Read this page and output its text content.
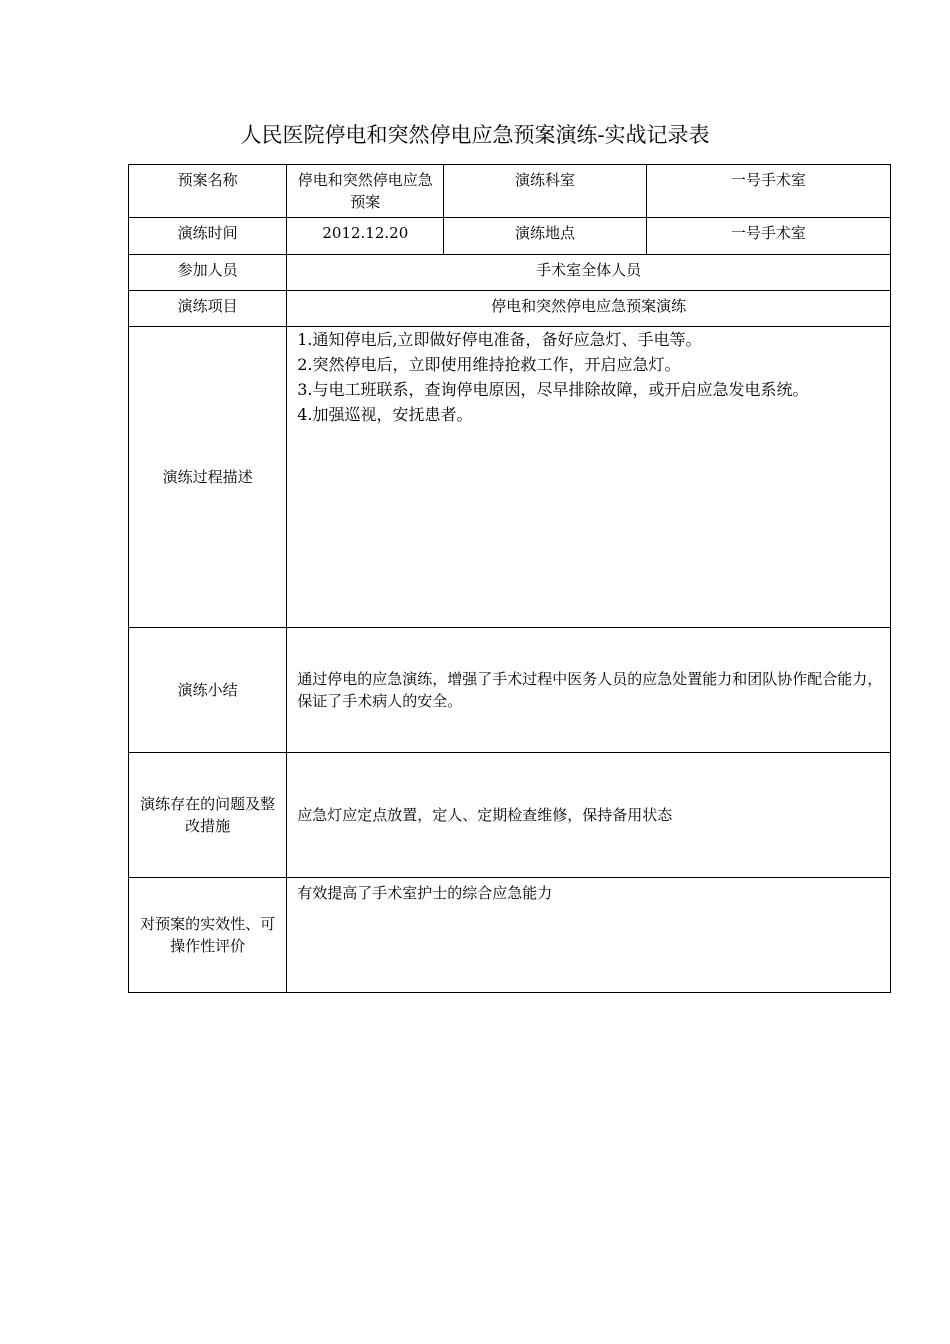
人民医院停电和突然停电应急预案演练-实战记录表
预案名称	停电和突然停电应急预案	演练科室	一号手术室
演练时间	2012.12.20	演练地点	一号手术室
参加人员	手术室全体人员		
演练项目	停电和突然停电应急预案演练		
演练过程描述	1.通知停电后,立即做好停电准备，备好应急灯、手电等。
2.突然停电后，立即使用维持抢救工作，开启应急灯。
3.与电工班联系，查询停电原因，尽早排除故障，或开启应急发电系统。
4.加强巡视，安抚患者。		

演练小结	通过停电的应急演练，增强了手术过程中医务人员的应急处置能力和团队协作配合能力，保证了手术病人的安全。		
演练存在的问题及整改措施	应急灯应定点放置，定人、定期检查维修，保持备用状态		
对预案的实效性、可操作性评价	有效提高了手术室护士的综合应急能力		
